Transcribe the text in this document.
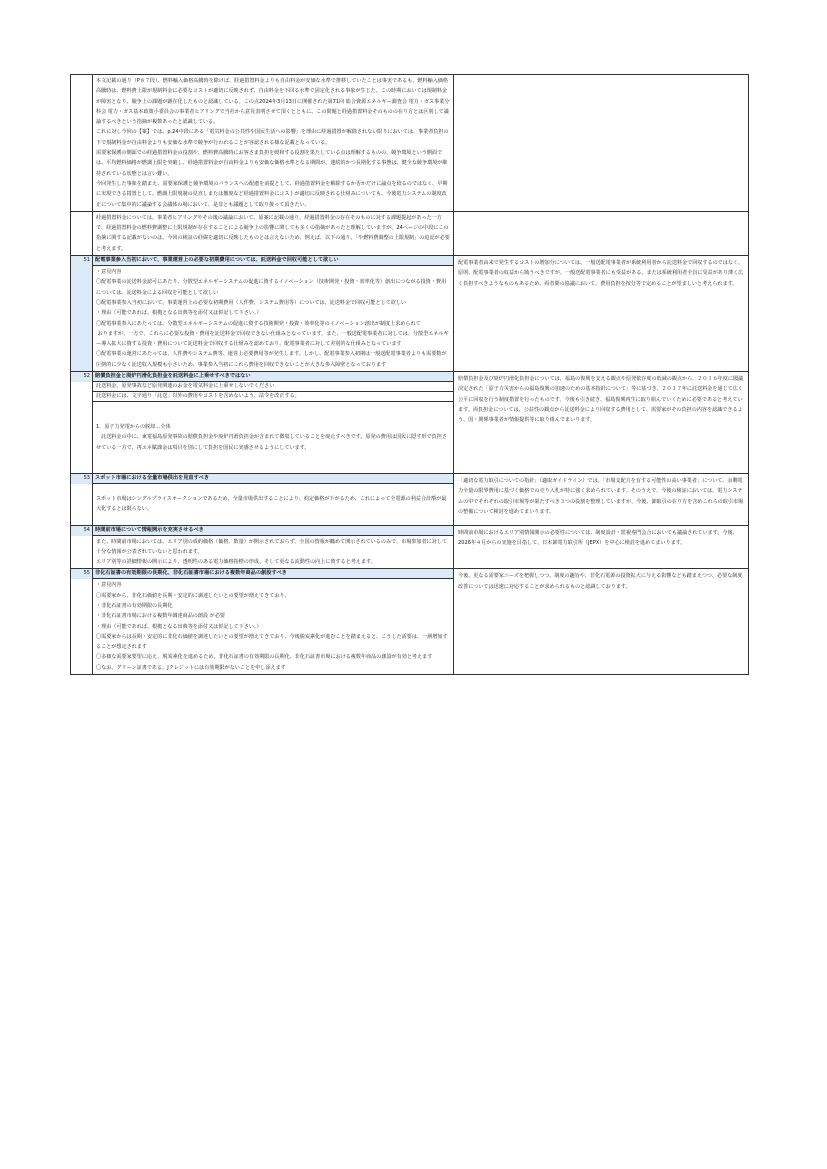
本文記載の通り（P８７段）、燃料輸入価格高騰時を除けば、経過措置料金よりも自由料金が安価な水準で推移していたことは事実であるも、燃料輸入価格高騰時は、燃料費上限が規制料金に必要なコストが適切に反映されず、自由料金を下回る水準で固定化される事象が生じた。この時期においては規制料金が障害となり、競争上の課題が顕在化したものと認識している。この点2024年3月13日に開催された第71回 総合資源エネルギー調査会 電力・ガス事業分科会 電力・ガス基本政策小委員会の事業者ヒアリングで当社から意見表明させて頂くとともに、この問題と経過措置料金そのものの在り方とは区別して議論するべきという指摘が複数あったと認識している。
これに対し今回の【案】では、p.24中段にある「電気料金の公共性や国民生活への影響」を理由に経過措置が解除されない限りにおいては、事業者負担の下で規制料金が自由料金よりも安価な水準で競争が行われることが容認される様な記載となっている。
需要家保護の側面での経過措置料金の役割や、燃料費高騰時にお客さま負担を緩和する役割を果たしている点は理解するものの、競争環境という側面では、平均燃料価格が燃調上限を突破し、経過措置料金が自由料金よりも安価な価格水準となる期間が、連続的かつ長期化する事態は、健全な競争環境が維持されている状態とは言い難い。
今回発生した事象を踏まえ、需要家保護と競争環境のバランスへの配慮を前提として、経過措置料金を解除するか否かだけに論点を絞るのではなく、早期に実現できる措置として、燃調上限規制の見直しまたは撤廃など経過措置料金にコストが適切に反映される仕組みについても、今後電力システムの制度改正について集中的に議論する会議体の場において、是非とも議題として取り扱って頂きたい。
経過措置料金については、事業者ヒアリングやその後の議論において、原案に記載の通り、経過措置料金の存在そのものに対する課題提起があった一方で、経過措置料金の燃料費調整に上限規制が存在することによる競争上の影響に関しても多くの指摘があったと理解していますが、24ページの中段にこの指摘に関する記載がないのは、今回の検証の経緯を適切に反映したものとは言えないため、例えば、以下の通り、「や燃料費調整の上限規制」の追記が必要と考えます。
51 配電事業参入当初において、事業運営上の必要な初期費用については、託送料金で回収可能として欲しい
・意見内容
〇配電事業の託送料金認可にあたり、分散型エネルギーシステムの促進に資するイノベーション（技術開発・投資・効率化等）創出につながる投資・費用については、託送料金による回収を可能として欲しい
〇配電事業参入当初において、事業運営上の必要な初期費用（人件費、システム費用等）については、託送料金で回収可能として欲しい
・理由（可能であれば、根拠となる出典等を添付又は併記して下さい。）
〇配電事業参入にあたっては、分散型エネルギーシステムの促進に資する技術開発・投資・効率化等のイノベーション創出が制度上求められて
おりますが、一方で、これらに必要な投資・費用を託送料金で回収できない仕組みとなっています。また、一般送配電事業者に対しては、分散型エネルギー導入拡大に資する投資・費用について託送料金で回収する仕組みを認めており、配電事業者に対して差別的な仕組みとなっています
〇配電事業の運営にあたっては、人件費やシステム費等、運営上必要費用等が発生します。しかし、配電事業参入初期は一般送配電事業者よりも需要数が圧倒的に少なく託送収入規模も小さいため、事業参入当初にこれら費用を回収できないことが大きな参入障壁となっております
配電事業者由来で発生するコストの増加分については、一般送配電事業者が系統利用者から託送料金で回収するのではなく、原則、配電事業者の収益から賄うべきですが、一般送配電事業者にも受益がある、または系統利用者全員に受益があり薄く広く負担すべきようなものもあるため、両者間の協議において、費用負担を按分等で定めることが望ましいと考えられます。
52 賠償負担金と廃炉円滑化負担金を託送料金に上乗せすべきではない
託送料金、原発事故など原発関連のお金を電気料金に上乗せしないでください
託送料金には、文字通り「託送」以外の費用やコストを含めないよう、法令を改正する。
1．原子力発電からの脱却…全体
　託送料金の中に、東電福島原発事故の賠償負担金や廃炉円滑負担金が含まれて徴収していることを廃止すべきです。原発の費用は国民に隠す形で負担させている一方で、再エネ賦課金は項目を別にして負担を国民に実感させるようにしています。
賠償負担金及び廃炉円滑化負担金については、福島の復興を支える観点や原発依存度の低減の観点から、２０１６年度に閣議決定された「原子力災害からの福島復興の加速のための基本指針について」等に基づき、２０１７年に託送料金を通じて広く公平に回収を行う制度措置を行ったものです。今後も引き続き、福島復興再生に取り組んでいくために必要であると考えています。両負担金については、公益性の観点から託送料金により回収する費用として、需要家がその負担の内容を認識できるよう、国・関係事業者が情報提供等に取り組んでまいります。
53 スポット市場における全量市場供出を見直すべき
スポット市場はシングルプライスオークションであるため、全量市場供出することにより、約定価格が下がるため、これによって全電源の利益合計額が最大化するとは限らない。
「適切な電力取引についての指針」（適取ガイドライン）では、「市場支配力を有する可能性の高い事業者」について、余剰電力全量の限界費用に基づく価格での売り入札が特に強く求められています。そのうえで、今後の検証においては、電力システムの中でそれぞれの取引市場等が果たすべき３つの役割を整理していますが、今後、卸取引の在り方を含めこれらの取引市場の整備について検討を進めてまいります。
54 時間前市場について情報開示を充実させるべき
また、時間前市場においては、エリア別の成約価格（価格、数量）が開示されておらず、全国の情報が纏めて開示されているのみで、市場参加者に対して十分な情報が公表されていないと思われます。
エリア別等の詳細情報の開示により、透明性のある電力価格指標の形成、そして更なる流動性の向上に資すると考えます。
時間前市場におけるエリア別情報開示の必要性については、制度設計・監視専門会合においても議論されています。今後、2026年４月からの実施を目指して、日本卸電力取引所（JEPX）を中心に検討を進めてまいります。
55 非化石証書の有効期限の長期化、非化石証書市場における複数年商品の創設すべき
・意見内容
〇需要家から、非化石価値を長期・安定的に調達したいとの要望が増えてきており、
・非化石証書の有効期限の長期化
・非化石証書市場における複数年調達商品の創設 が必要
・理由（可能であれば、根拠となる出典等を添付又は併記して下さい。）
〇需要家からは長期・安定的に非化石価値を調達したいとの要望が増えてきており、今後脱炭素化が進むことを踏まえると、こうした需要は、一層増加することが想定されます
〇多様な需要家要望に応え、脱炭素化を進めるため、非化石証書の有効期限の長期化、非化石証書市場における複数年商品の創設が有効と考えます
〇なお、グリーン証書である、Jクレジットには有効期限がないことを申し添えます
今後、更なる需要家ニーズを把握しつつ、制度の趣旨や、非化石電源の投資拡大に与える影響なども踏まえつつ、必要な制度改善については迅速に対応することが求められるものと認識しております。
